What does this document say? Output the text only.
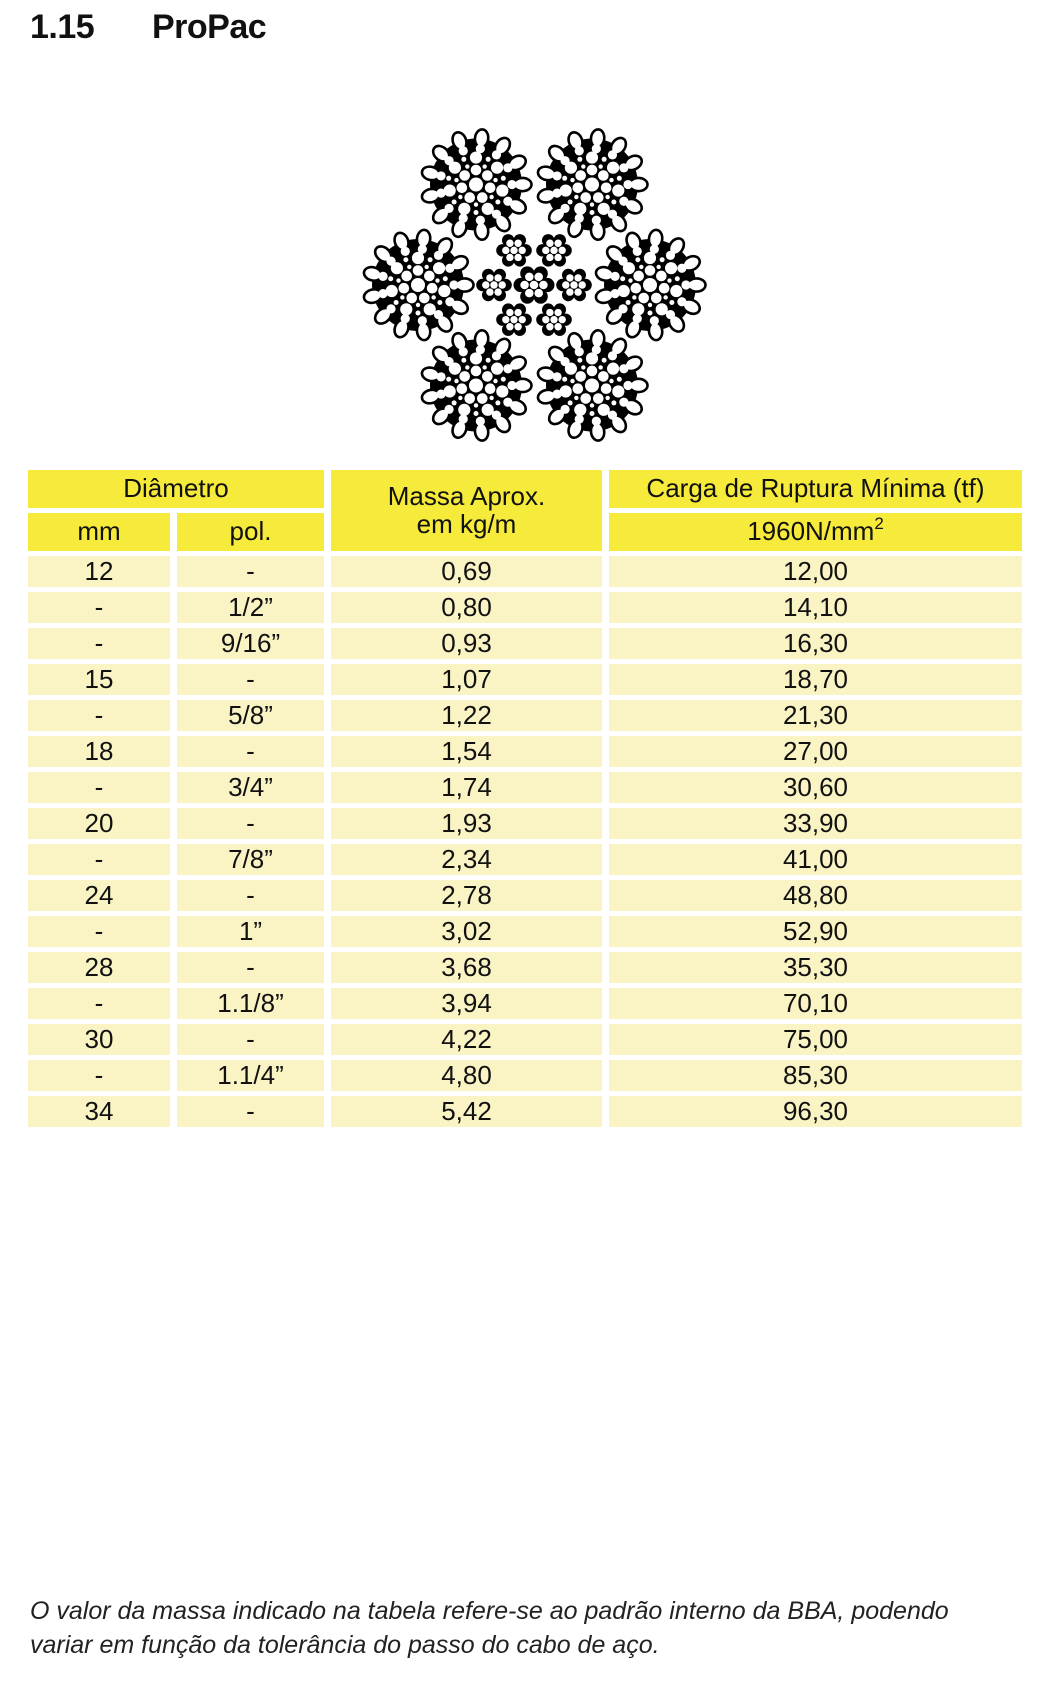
1.15 ProPac
Diâmetro	Massa Aprox.
em kg/m
Carga de Ruptura Mínima (tf)
mm	pol.	1960N/mm 2
12	-	0,69	12,00
-	1/2”	0,80	14,10
-	9/16”	0,93	16,30
15	-	1,07	18,70
-	5/8”	1,22	21,30
18	-	1,54	27,00
-	3/4”	1,74	30,60
20	-	1,93	33,90
-	7/8”	2,34	41,00
24	-	2,78	48,80
-	1”	3,02	52,90
28	-	3,68	35,30
-	1.1/8”	3,94	70,10
30	-	4,22	75,00
-	1.1/4”	4,80	85,30
34	-	5,42	96,30
O valor da massa indicado na tabela refere-se ao padrão interno da BBA, podendo
variar em função da tolerância do passo do cabo de aço.
